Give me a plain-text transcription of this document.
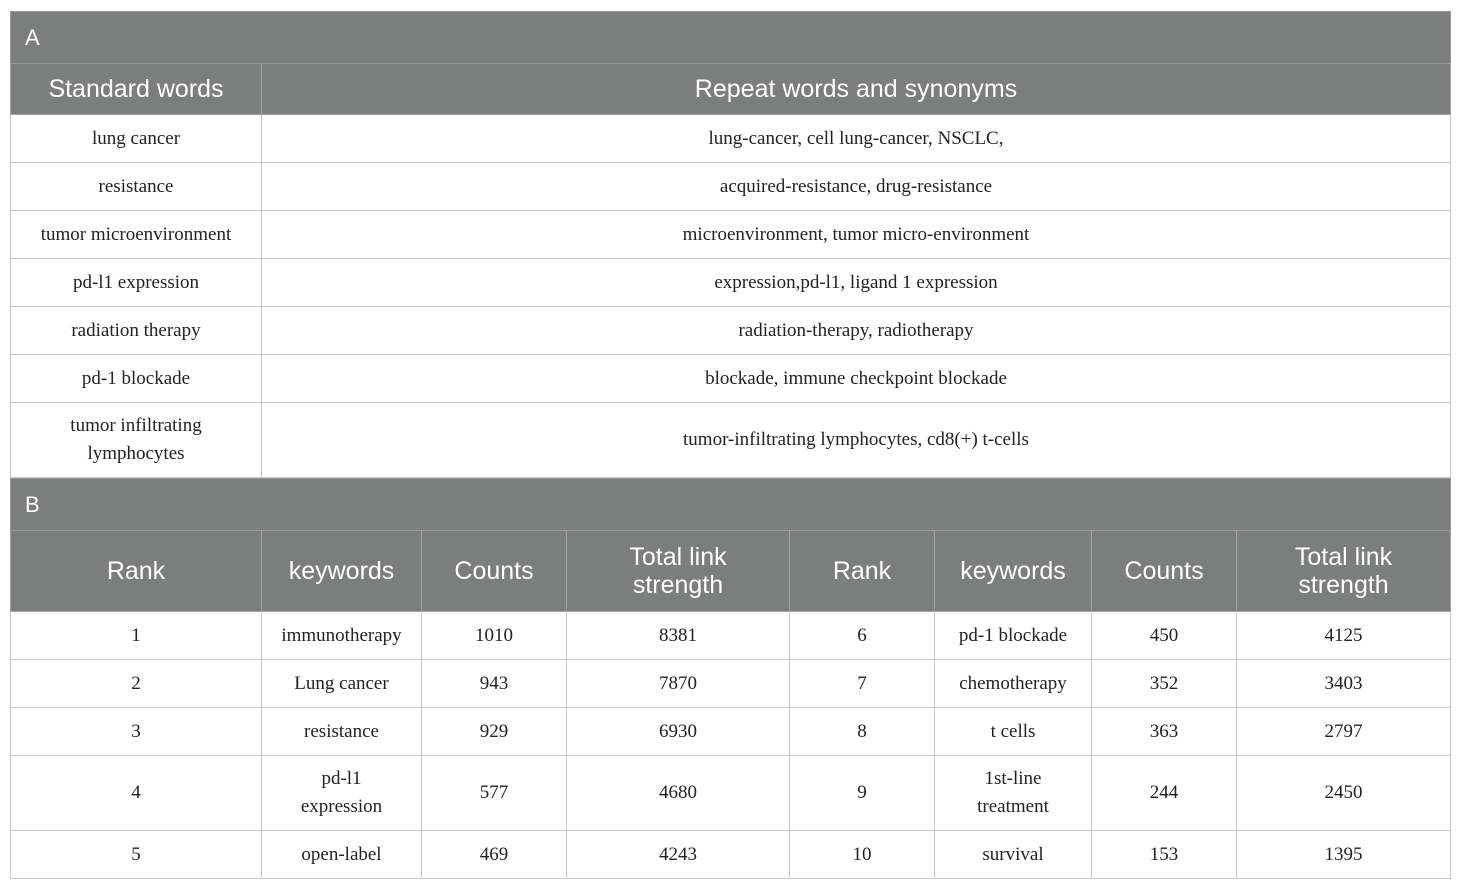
A	
Standard words	Repeat words and synonyms
lung cancer	lung-cancer, cell lung-cancer, NSCLC,
resistance	acquired-resistance, drug-resistance
tumor microenvironment	microenvironment, tumor micro-environment
pd-l1 expression	expression,pd-l1, ligand 1 expression
radiation therapy	radiation-therapy, radiotherapy
pd-1 blockade	blockade, immune checkpoint blockade
tumor infiltrating lymphocytes	tumor-infiltrating lymphocytes, cd8(+) t-cells
B							
Rank	keywords	Counts	Total link strength	Rank	keywords	Counts	Total link strength
1	immunotherapy	1010	8381	6	pd-1 blockade	450	4125
2	Lung cancer	943	7870	7	chemotherapy	352	3403
3	resistance	929	6930	8	t cells	363	2797
4	pd-l1 expression	577	4680	9	1st-line treatment	244	2450
5	open-label	469	4243	10	survival	153	1395
